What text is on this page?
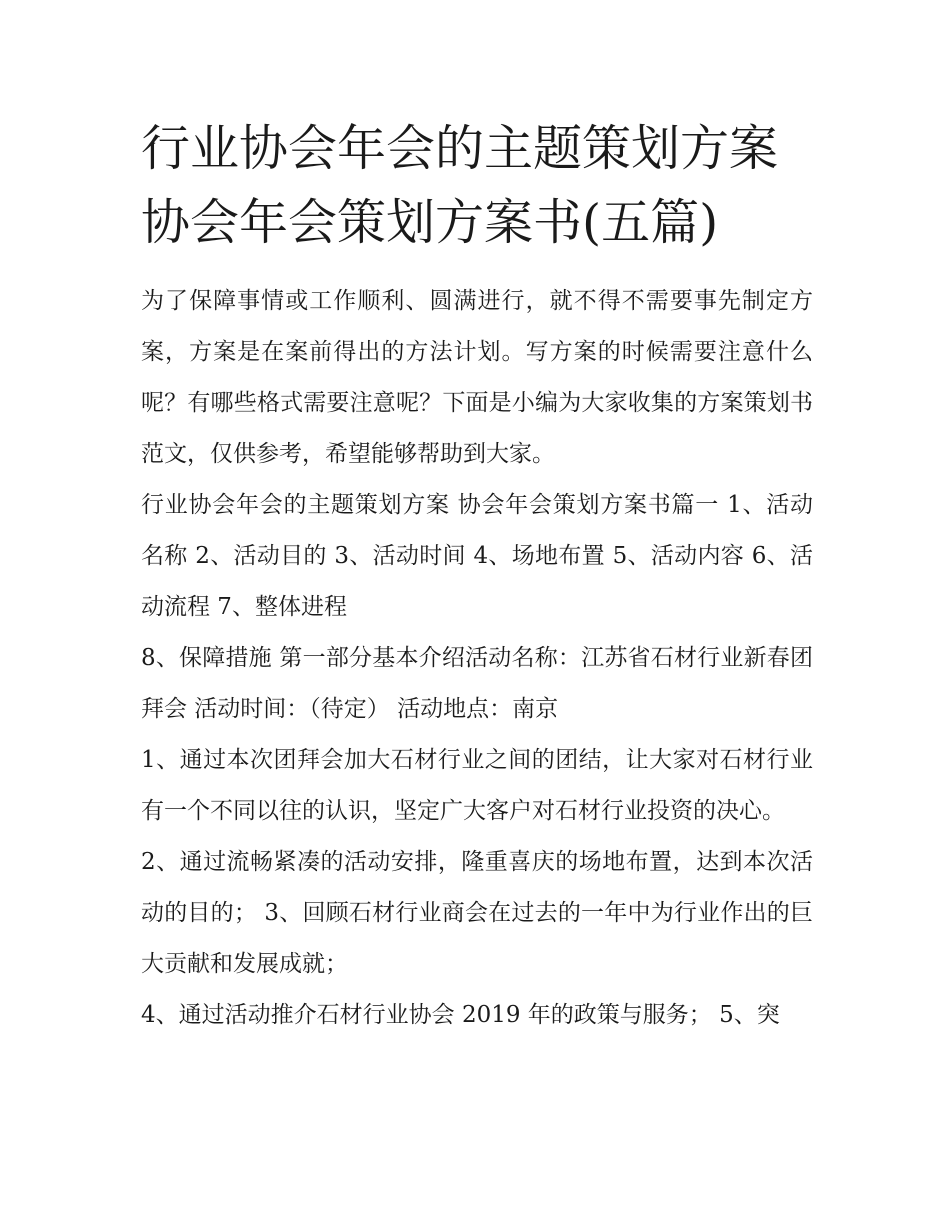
行业协会年会的主题策划方案
协会年会策划方案书(五篇)

为了保障事情或工作顺利、圆满进行，就不得不需要事先制定方案，方案是在案前得出的方法计划。写方案的时候需要注意什么呢？有哪些格式需要注意呢？下面是小编为大家收集的方案策划书范文，仅供参考，希望能够帮助到大家。

行业协会年会的主题策划方案 协会年会策划方案书篇一 1、活动名称 2、活动目的 3、活动时间 4、场地布置 5、活动内容 6、活动流程 7、整体进程

8、保障措施 第一部分基本介绍活动名称：江苏省石材行业新春团拜会 活动时间：（待定） 活动地点：南京

1、通过本次团拜会加大石材行业之间的团结，让大家对石材行业有一个不同以往的认识，坚定广大客户对石材行业投资的决心。

2、通过流畅紧凑的活动安排，隆重喜庆的场地布置，达到本次活动的目的； 3、回顾石材行业商会在过去的一年中为行业作出的巨大贡献和发展成就；

4、通过活动推介石材行业协会 2019 年的政策与服务； 5、突
